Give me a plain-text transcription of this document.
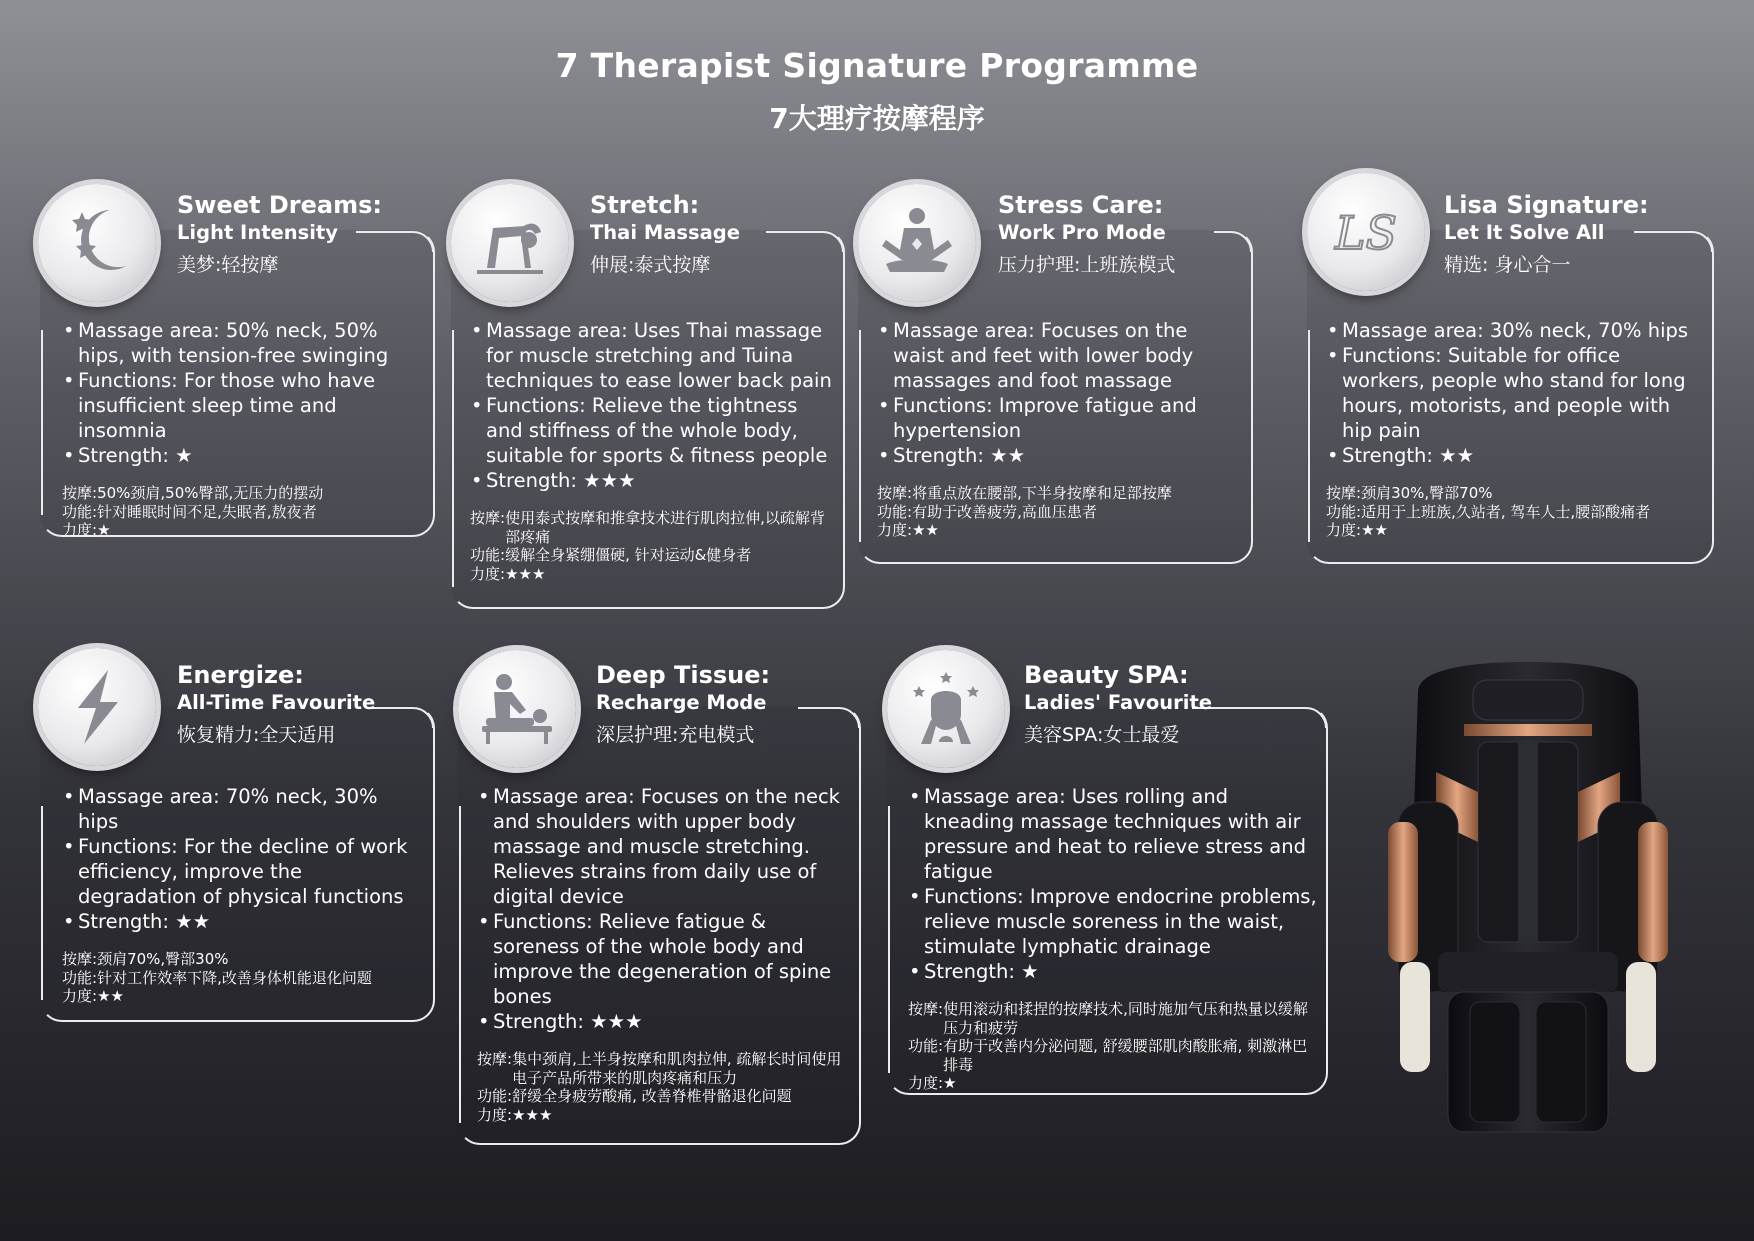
7 Therapist Signature Programme
7大理疗按摩程序
Sweet Dreams:
Light Intensity
美梦:轻按摩
• Massage area: 50% neck, 50% hips, with tension-free swinging
• Functions: For those who have insufficient sleep time and insomnia
• Strength: ★
按摩: 50%颈肩,50%臀部,无压力的摆动
功能: 针对睡眠时间不足,失眠者,敖夜者
力度: ★
Stretch:
Thai Massage
伸展:泰式按摩
• Massage area: Uses Thai massage for muscle stretching and Tuina techniques to ease lower back pain
• Functions: Relieve the tightness and stiffness of the whole body, suitable for sports & fitness people
• Strength: ★★★
按摩: 使用泰式按摩和推拿技术进行肌肉拉伸,以疏解背部疼痛
功能: 缓解全身紧绷僵硬, 针对运动&健身者
力度: ★★★
Stress Care:
Work Pro Mode
压力护理:上班族模式
• Massage area: Focuses on the waist and feet with lower body massages and foot massage
• Functions: Improve fatigue and hypertension
• Strength: ★★
按摩: 将重点放在腰部,下半身按摩和足部按摩
功能: 有助于改善疲劳,高血压患者
力度: ★★
LS
Lisa Signature:
Let It Solve All
精选: 身心合一
• Massage area: 30% neck, 70% hips
• Functions: Suitable for office workers, people who stand for long hours, motorists, and people with hip pain
• Strength: ★★
按摩: 颈肩30%,臀部70%
功能: 适用于上班族,久站者, 驾车人士,腰部酸痛者
力度: ★★
Energize:
All-Time Favourite
恢复精力:全天适用
• Massage area: 70% neck, 30% hips
• Functions: For the decline of work efficiency, improve the degradation of physical functions
• Strength: ★★
按摩: 颈肩70%,臀部30%
功能: 针对工作效率下降,改善身体机能退化问题
力度: ★★
Deep Tissue:
Recharge Mode
深层护理:充电模式
• Massage area: Focuses on the neck and shoulders with upper body massage and muscle stretching. Relieves strains from daily use of digital device
• Functions: Relieve fatigue & soreness of the whole body and improve the degeneration of spine bones
• Strength: ★★★
按摩: 集中颈肩,上半身按摩和肌肉拉伸, 疏解长时间使用电子产品所带来的肌肉疼痛和压力
功能: 舒缓全身疲劳酸痛, 改善脊椎骨骼退化问题
力度: ★★★
Beauty SPA:
Ladies' Favourite
美容SPA:女士最爱
• Massage area: Uses rolling and kneading massage techniques with air pressure and heat to relieve stress and fatigue
• Functions: Improve endocrine problems, relieve muscle soreness in the waist, stimulate lymphatic drainage
• Strength: ★
按摩: 使用滚动和揉捏的按摩技术,同时施加气压和热量以缓解压力和疲劳
功能: 有助于改善内分泌问题, 舒缓腰部肌肉酸胀痛, 刺激淋巴排毒
力度: ★
